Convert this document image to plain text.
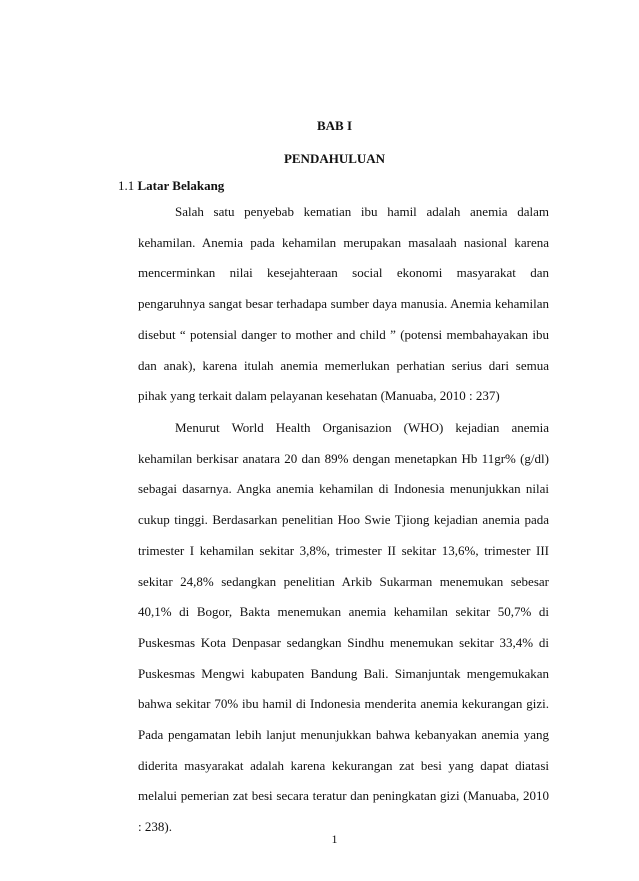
BAB I
PENDAHULUAN
1.1 Latar Belakang

Salah satu penyebab kematian ibu hamil adalah anemia dalam kehamilan. Anemia pada kehamilan merupakan masalaah nasional karena mencerminkan nilai kesejahteraan social ekonomi masyarakat dan pengaruhnya sangat besar terhadapa sumber daya manusia. Anemia kehamilan disebut “ potensial danger to mother and child ” (potensi membahayakan ibu dan anak), karena itulah anemia memerlukan perhatian serius dari semua pihak yang terkait dalam pelayanan kesehatan (Manuaba, 2010 : 237)

Menurut World Health Organisazion (WHO) kejadian anemia kehamilan berkisar anatara 20 dan 89% dengan menetapkan Hb 11gr% (g/dl) sebagai dasarnya. Angka anemia kehamilan di Indonesia menunjukkan nilai cukup tinggi. Berdasarkan penelitian Hoo Swie Tjiong kejadian anemia pada trimester I kehamilan sekitar 3,8%, trimester II sekitar 13,6%, trimester III sekitar 24,8% sedangkan penelitian Arkib Sukarman menemukan sebesar 40,1% di Bogor, Bakta menemukan anemia kehamilan sekitar 50,7% di Puskesmas Kota Denpasar sedangkan Sindhu menemukan sekitar 33,4% di Puskesmas Mengwi kabupaten Bandung Bali. Simanjuntak mengemukakan bahwa sekitar 70% ibu hamil di Indonesia menderita anemia kekurangan gizi. Pada pengamatan lebih lanjut menunjukkan bahwa kebanyakan anemia yang diderita masyarakat adalah karena kekurangan zat besi yang dapat diatasi melalui pemerian zat besi secara teratur dan peningkatan gizi (Manuaba, 2010 : 238).

1
